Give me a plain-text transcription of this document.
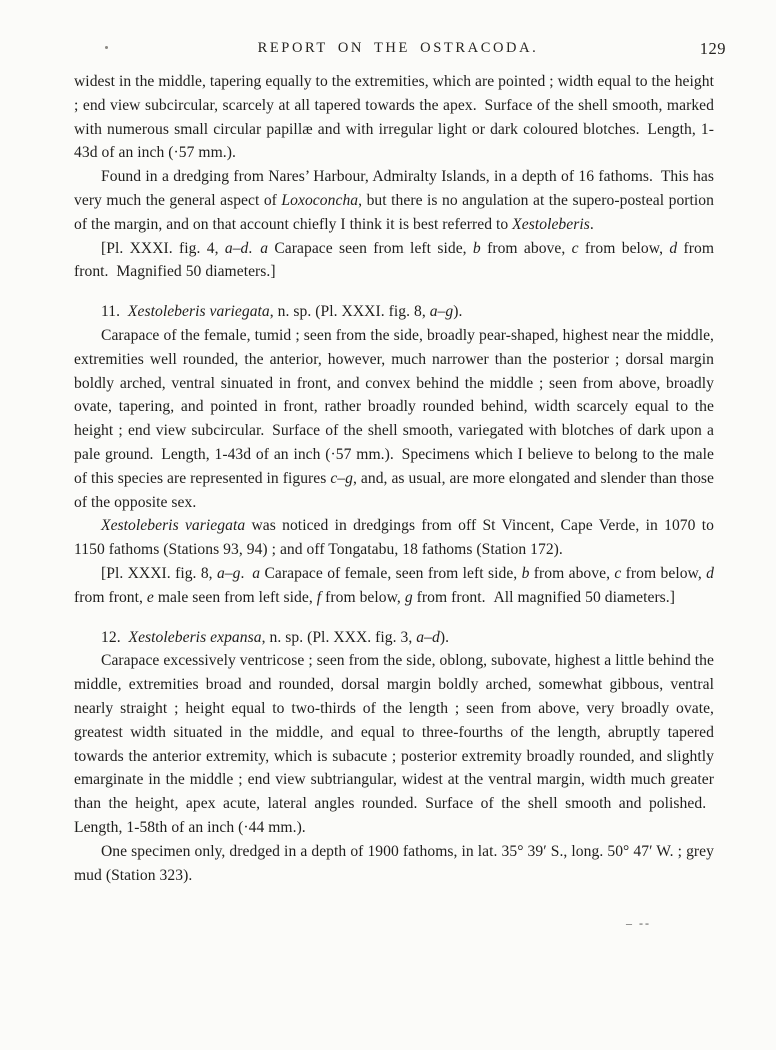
REPORT ON THE OSTRACODA.	129

widest in the middle, tapering equally to the extremities, which are pointed ; width equal to the height ; end view subcircular, scarcely at all tapered towards the apex. Surface of the shell smooth, marked with numerous small circular papillæ and with irregular light or dark coloured blotches. Length, 1-43d of an inch (·57 mm.).

Found in a dredging from Nares’ Harbour, Admiralty Islands, in a depth of 16 fathoms. This has very much the general aspect of Loxoconcha, but there is no angulation at the supero-posteal portion of the margin, and on that account chiefly I think it is best referred to Xestoleberis.

[Pl. XXXI. fig. 4, a–d. a Carapace seen from left side, b from above, c from below, d from front. Magnified 50 diameters.]

11. Xestoleberis variegata, n. sp. (Pl. XXXI. fig. 8, a–g).

Carapace of the female, tumid ; seen from the side, broadly pear-shaped, highest near the middle, extremities well rounded, the anterior, however, much narrower than the posterior ; dorsal margin boldly arched, ventral sinuated in front, and convex behind the middle ; seen from above, broadly ovate, tapering, and pointed in front, rather broadly rounded behind, width scarcely equal to the height ; end view subcircular. Surface of the shell smooth, variegated with blotches of dark upon a pale ground. Length, 1-43d of an inch (·57 mm.). Specimens which I believe to belong to the male of this species are represented in figures c–g, and, as usual, are more elongated and slender than those of the opposite sex.

Xestoleberis variegata was noticed in dredgings from off St Vincent, Cape Verde, in 1070 to 1150 fathoms (Stations 93, 94) ; and off Tongatabu, 18 fathoms (Station 172).

[Pl. XXXI. fig. 8, a–g. a Carapace of female, seen from left side, b from above, c from below, d from front, e male seen from left side, f from below, g from front. All magnified 50 diameters.]

12. Xestoleberis expansa, n. sp. (Pl. XXX. fig. 3, a–d).

Carapace excessively ventricose ; seen from the side, oblong, subovate, highest a little behind the middle, extremities broad and rounded, dorsal margin boldly arched, somewhat gibbous, ventral nearly straight ; height equal to two-thirds of the length ; seen from above, very broadly ovate, greatest width situated in the middle, and equal to three-fourths of the length, abruptly tapered towards the anterior extremity, which is subacute ; posterior extremity broadly rounded, and slightly emarginate in the middle ; end view subtriangular, widest at the ventral margin, width much greater than the height, apex acute, lateral angles rounded. Surface of the shell smooth and polished. Length, 1-58th of an inch (·44 mm.).

One specimen only, dredged in a depth of 1900 fathoms, in lat. 35° 39′ S., long. 50° 47′ W. ; grey mud (Station 323).

– --
